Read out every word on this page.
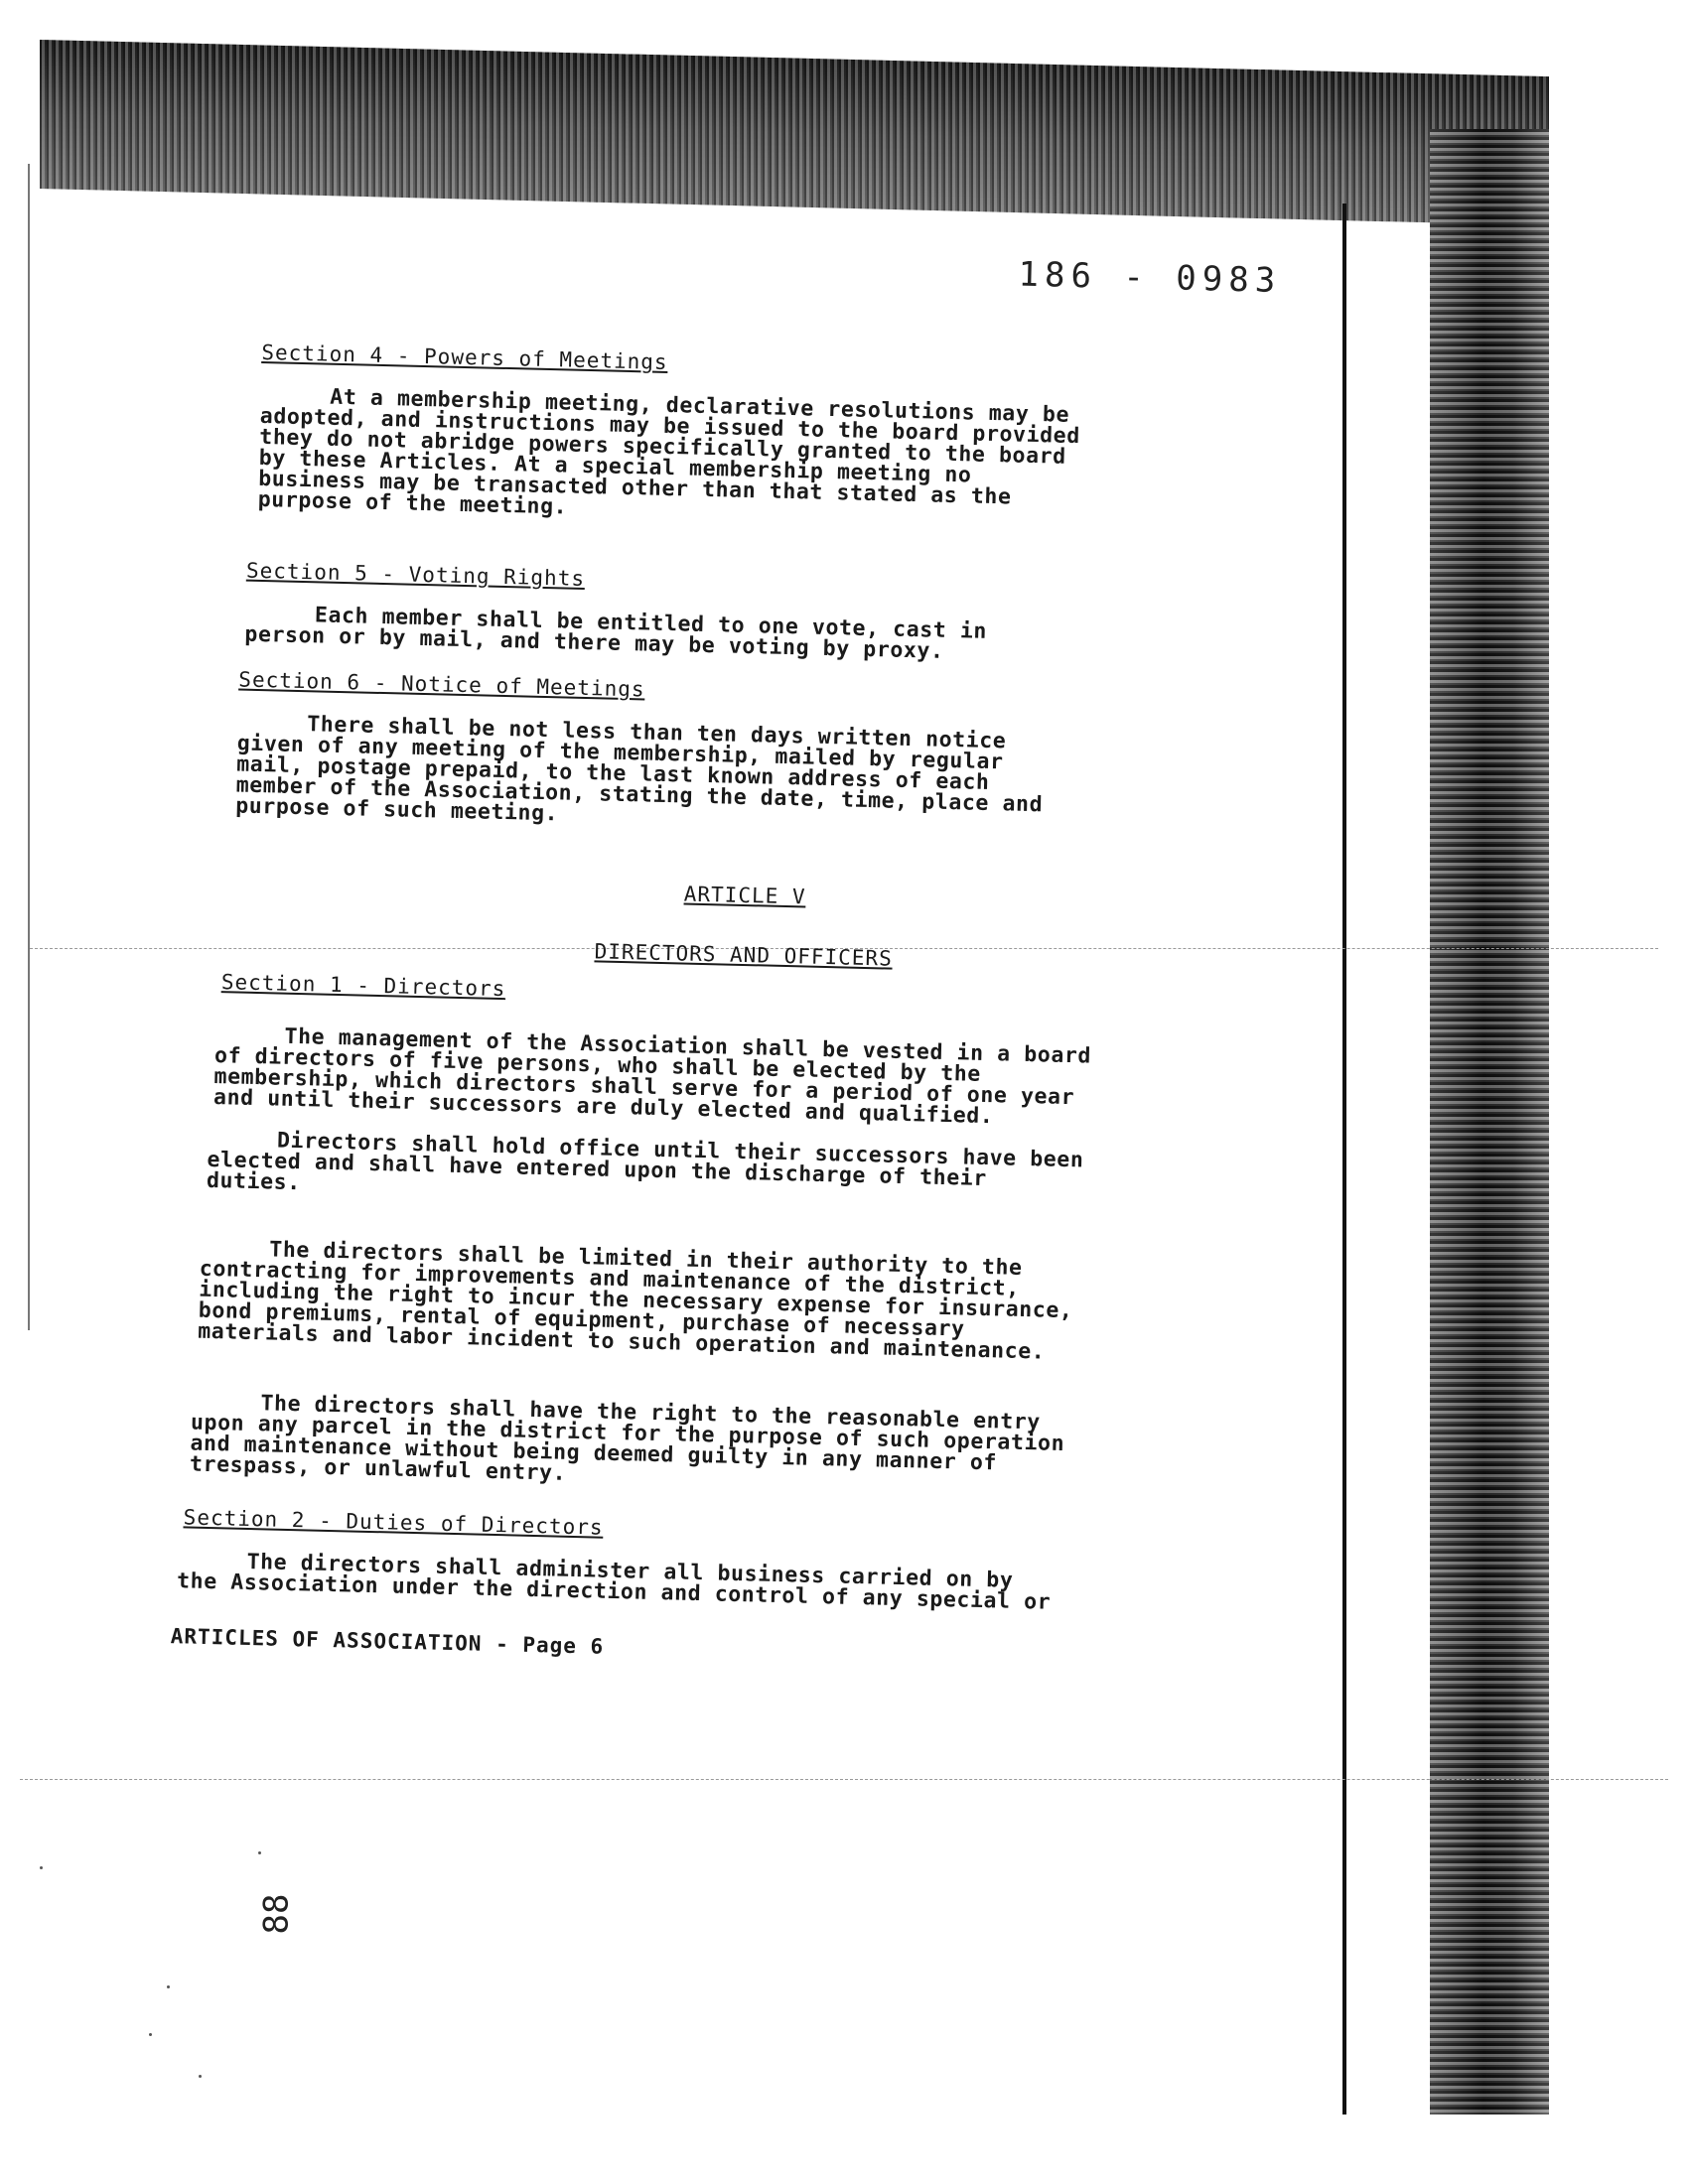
186 - 0983
Section 4 - Powers of Meetings
At a membership meeting, declarative resolutions may be
adopted, and instructions may be issued to the board provided
they do not abridge powers specifically granted to the board
by these Articles. At a special membership meeting no
business may be transacted other than that stated as the
purpose of the meeting.
Section 5 - Voting Rights
Each member shall be entitled to one vote, cast in
person or by mail, and there may be voting by proxy.
Section 6 - Notice of Meetings
There shall be not less than ten days written notice
given of any meeting of the membership, mailed by regular
mail, postage prepaid, to the last known address of each
member of the Association, stating the date, time, place and
purpose of such meeting.
ARTICLE V
DIRECTORS AND OFFICERS
Section 1 - Directors
The management of the Association shall be vested in a board
of directors of five persons, who shall be elected by the
membership, which directors shall serve for a period of one year
and until their successors are duly elected and qualified.
Directors shall hold office until their successors have been
elected and shall have entered upon the discharge of their
duties.
The directors shall be limited in their authority to the
contracting for improvements and maintenance of the district,
including the right to incur the necessary expense for insurance,
bond premiums, rental of equipment, purchase of necessary
materials and labor incident to such operation and maintenance.
The directors shall have the right to the reasonable entry
upon any parcel in the district for the purpose of such operation
and maintenance without being deemed guilty in any manner of
trespass, or unlawful entry.
Section 2 - Duties of Directors
The directors shall administer all business carried on by
the Association under the direction and control of any special or
ARTICLES OF ASSOCIATION - Page 6
88
